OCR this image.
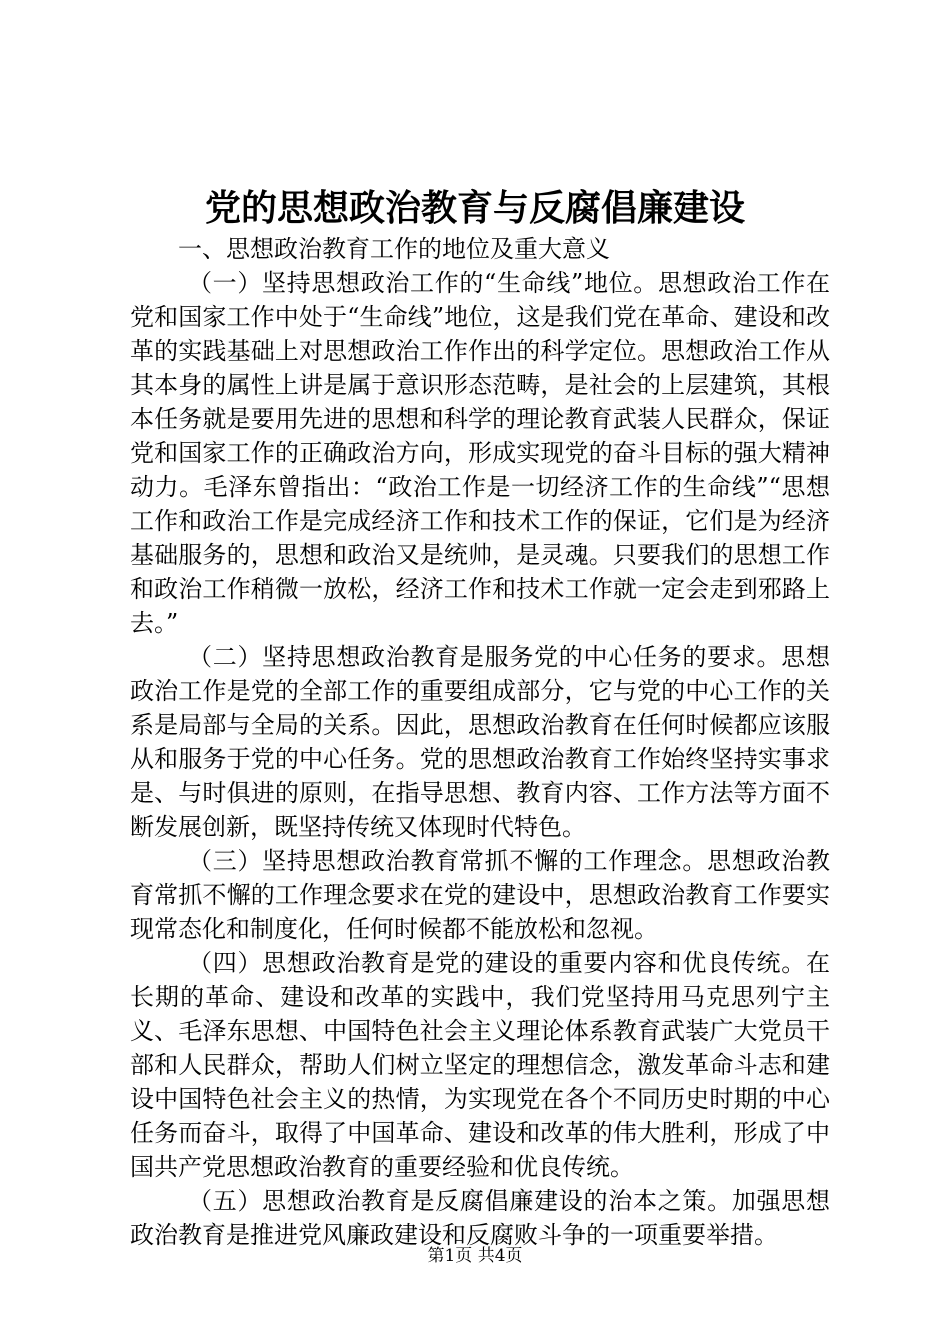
党的思想政治教育与反腐倡廉建设
一、思想政治教育工作的地位及重大意义

（一）坚持思想政治工作的“生命线”地位。思想政治工作在党和国家工作中处于“生命线”地位，这是我们党在革命、建设和改革的实践基础上对思想政治工作作出的科学定位。思想政治工作从其本身的属性上讲是属于意识形态范畴，是社会的上层建筑，其根本任务就是要用先进的思想和科学的理论教育武装人民群众，保证党和国家工作的正确政治方向，形成实现党的奋斗目标的强大精神动力。毛泽东曾指出：“政治工作是一切经济工作的生命线”“思想工作和政治工作是完成经济工作和技术工作的保证，它们是为经济基础服务的，思想和政治又是统帅，是灵魂。只要我们的思想工作和政治工作稍微一放松，经济工作和技术工作就一定会走到邪路上去。”

（二）坚持思想政治教育是服务党的中心任务的要求。思想政治工作是党的全部工作的重要组成部分，它与党的中心工作的关系是局部与全局的关系。因此，思想政治教育在任何时候都应该服从和服务于党的中心任务。党的思想政治教育工作始终坚持实事求是、与时俱进的原则，在指导思想、教育内容、工作方法等方面不断发展创新，既坚持传统又体现时代特色。

（三）坚持思想政治教育常抓不懈的工作理念。思想政治教育常抓不懈的工作理念要求在党的建设中，思想政治教育工作要实现常态化和制度化，任何时候都不能放松和忽视。

（四）思想政治教育是党的建设的重要内容和优良传统。在长期的革命、建设和改革的实践中，我们党坚持用马克思列宁主义、毛泽东思想、中国特色社会主义理论体系教育武装广大党员干部和人民群众，帮助人们树立坚定的理想信念，激发革命斗志和建设中国特色社会主义的热情，为实现党在各个不同历史时期的中心任务而奋斗，取得了中国革命、建设和改革的伟大胜利，形成了中国共产党思想政治教育的重要经验和优良传统。

（五）思想政治教育是反腐倡廉建设的治本之策。加强思想政治教育是推进党风廉政建设和反腐败斗争的一项重要举措。

第1页 共4页
